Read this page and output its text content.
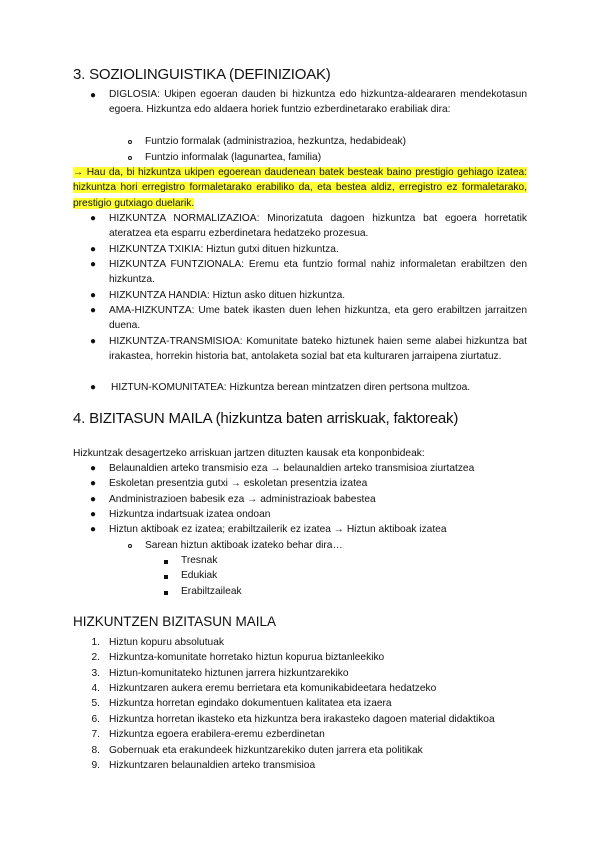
3. SOZIOLINGUISTIKA (DEFINIZIOAK)
● DIGLOSIA: Ukipen egoeran dauden bi hizkuntza edo hizkuntza-aldeararen mendekotasun egoera. Hizkuntza edo aldaera horiek funtzio ezberdinetarako erabiliak dira:
Funtzio formalak (administrazioa, hezkuntza, hedabideak)
Funtzio informalak (lagunartea, familia)
→ Hau da, bi hizkuntza ukipen egoerean daudenean batek besteak baino prestigio gehiago izatea: hizkuntza hori erregistro formaletarako erabiliko da, eta bestea aldiz, erregistro ez formaletarako, prestigio gutxiago duelarik.
● HIZKUNTZA NORMALIZAZIOA: Minorizatuta dagoen hizkuntza bat egoera horretatik ateratzea eta esparru ezberdinetara hedatzeko prozesua.
● HIZKUNTZA TXIKIA: Hiztun gutxi dituen hizkuntza.
● HIZKUNTZA FUNTZIONALA: Eremu eta funtzio formal nahiz informaletan erabiltzen den hizkuntza.
● HIZKUNTZA HANDIA: Hiztun asko dituen hizkuntza.
● AMA-HIZKUNTZA: Ume batek ikasten duen lehen hizkuntza, eta gero erabiltzen jarraitzen duena.
● HIZKUNTZA-TRANSMISIOA: Komunitate bateko hiztunek haien seme alabei hizkuntza bat irakastea, horrekin historia bat, antolaketa sozial bat eta kulturaren jarraipena ziurtatuz.
● HIZTUN-KOMUNITATEA: Hizkuntza berean mintzatzen diren pertsona multzoa.
4. BIZITASUN MAILA (hizkuntza baten arriskuak, faktoreak)
Hizkuntzak desagertzeko arriskuan jartzen dituzten kausak eta konponbideak:
● Belaunaldien arteko transmisio eza → belaunaldien arteko transmisioa ziurtatzea
● Eskoletan presentzia gutxi → eskoletan presentzia izatea
● Andministrazioen babesik eza → administrazioak babestea
● Hizkuntza indartsuak izatea ondoan
● Hiztun aktiboak ez izatea; erabiltzailerik ez izatea → Hiztun aktiboak izatea
Sarean hiztun aktiboak izateko behar dira…
Tresnak
Edukiak
Erabiltzaileak
HIZKUNTZEN BIZITASUN MAILA
1. Hiztun kopuru absolutuak
2. Hizkuntza-komunitate horretako hiztun kopurua biztanleekiko
3. Hiztun-komunitateko hiztunen jarrera hizkuntzarekiko
4. Hizkuntzaren aukera eremu berrietara eta komunikabideetara hedatzeko
5. Hizkuntza horretan egindako dokumentuen kalitatea eta izaera
6. Hizkuntza horretan ikasteko eta hizkuntza bera irakasteko dagoen material didaktikoa
7. Hizkuntza egoera erabilera-eremu ezberdinetan
8. Gobernuak eta erakundeek hizkuntzarekiko duten jarrera eta politikak
9. Hizkuntzaren belaunaldien arteko transmisioa
